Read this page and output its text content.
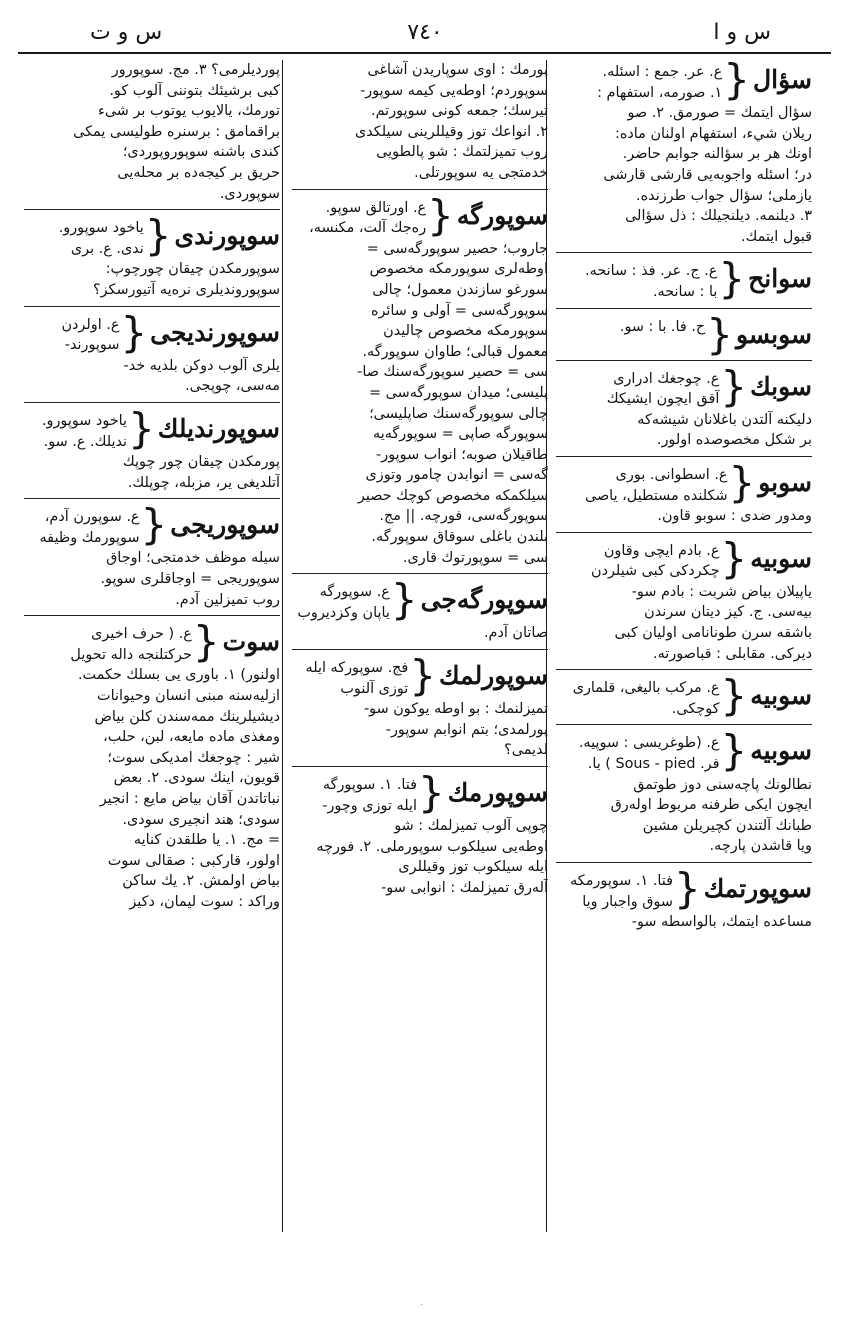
س و ا
٧٤٠
س و ت
سؤال
{
ع. عر. جمع : اسئله.
١. صورمه، استفهام :
سؤال ايتمك = صورمق. ٢. صو
ريلان شيء، استفهام اولنان ماده:
اونك هر بر سؤالنه جوابم حاضر.
در؛ اسئله واجوبه‌یی قارشی قارشی
يازملی؛ سؤال جواب طرزنده.
٣. ديلنمه. ديلنجيلك : ذل سؤالی
قبول ايتمك.
سوانح
{
ع. ج. عر. فذ : سانحه.
با : سانحه.
سوبسو
{
ح. فا. با : سو.
سوبك
{
ع. چوجغك ادراری
آقق ايچون ايشيكك
دلیکنه آلتدن باغلانان شیشه‌که
بر شكل مخصوصده اولور.
سوبو
{
ع. اسطوانی. بوری
شكلنده مستطیل، یاصی
ومدور ضدی : سوبو قاون.
سوبيه
{
ع. بادم ایچی وقاون
چكردكی كبی شيلردن
یاپیلان بیاض شربت : بادم سو-
بیه‌سی. ج. کیز دیتان سرندن
باشقه سرن طونانامی اولیان کبی
دیرکی. مقابلی : قباصورته.
سوبيه
{
ع. مركب بالیغی، قلماری
كوچكی.
سوبيه
{
ع. (طوغریسی : سوپیه.
فر. Sous - pied ) يا.
نطالونك پاچه‌سنی دوز طوتمق
ایچون ایکی طرفنه مربوط اوله‌رق
طبانك آلتندن كچیریلن مشین
ویا قاشدن پارچه.
سوپورتمك
{
فتا. ١. سوپورمكه
سوق واجبار ویا
مساعده ایتمك، بالواسطه سو-
پورمك : اوی سوپاریدن آشاغی
سوپوردم؛ اوطه‌یی کیمه سوپور-
تیرسك؛ جمعه کونی سوپورتم.
٢. انواعك توز وقیللرینی سیلکدی
روب تمیزلتمك : شو پالطویی
خدمتجی یه سوپورتلی.
سوپورگه
{
ع. اورتالق سوپو.
ره‌جك آلت، مکنسه،
جاروب؛ حصیر سوپورگه‌سی =
اوطه‌لری سوپورمكه مخصوص
سورغو سازندن معمول؛ چالی
سوپورگه‌سی = آولی و سائره
سوپورمكه مخصوص چالیدن
معمول قبالی؛ طاوان سوپورگه.
سی = حصیر سوپورگه‌سنك صا-
پلیسی؛ میدان سوپورگه‌سی =
چالی سوپورگه‌سنك صاپلیسی؛
سوپورگه صاپی = سوپورگه‌یه
طاقیلان صوبه؛ انواب سوپور-
گه‌سی = انوابدن چامور وتوزی
سیلکمكه مخصوص کوچك حصیر
سوپورگه‌سی، فورچه. || مج.
بلندن باغلی سوقاق سوپورگه.
سی = سوپورتوك قاری.
سوپورگه‌جی
{
ع. سوپورگه
یاپان وکزدیروب
صاتان آدم.
سوپورلمك
{
فج. سوپورکه ایله
توزی آلنوب
تمیزلنمك : بو اوطه یوكون سو-
پورلمدی؛ بتم انوابم سوپور-
لدیمی؟
سوپورمك
{
فتا. ١. سوپورگه
ایله توزی وچور-
چوپی آلوب تمیزلمك : شو
اوطه‌یی سیلکوب سوپورملی. ٢. فورچه
ایله سیلکوب توز وقیللری
آله‌رق تمیزلمك : انوابی سو-
پوردیلرمی؟ ٣. مج. سوپورور
کبی برشیئك بتوننی آلوب کو.
تورمك، یالایوب یوتوب بر شیء
براقمامق : برسنره طولیسی یمکی
کندی باشنه سوپوروپوردی؛
حریق بر کیجه‌ده بر محله‌یی
سوپوردی.
سوپورندی
{
یاخود سوپورو.
ندی. ع. بری
سوپورمكدن چیقان چورچوپ:
سوپوروندیلری نره‌یه آتیورسکز؟
سوپورندیجی
{
ع. اولردن
سوپورند-
یلری آلوب دوکن بلدیه خد-
مه‌سی، چوپجی.
سوپورندیلك
{
یاخود سوپورو.
ندیلك. ع. سو.
پورمكدن چیقان چور چوپك
آتلدیغی یر، مزبله، چوپلك.
سوپوریجی
{
ع. سوپورن آدم،
سوپورمك وظیفه
سیله موظف خدمتجی؛ اوجاق
سوپوریجی = اوجاقلری سوپو.
روب تمیزلین آدم.
سوت
{
ع. ( حرف اخیری
حرکتلنجه داله تحویل
اولنور) ١. باوری یی بسلك حکمت.
ازلیه‌سنه مبنی انسان وحیوانات
دیشیلرینك ممه‌سندن کلن بیاض
ومغذی ماده‌ مایعه، لبن، حلب،
شیر : چوجغك امدیکی سوت؛
قویون، اینك سودی. ٢. بعض
نباتاتدن آقان بیاض مایع : انجیر
سودی؛ هند انجیری سودی.
= مج. ١. یا طلقدن کنایه
اولور، قارکبی : صقالی سوت
بیاض اولمش. ٢. یك ساکن
وراکد : سوت لیمان، دکیز
·
